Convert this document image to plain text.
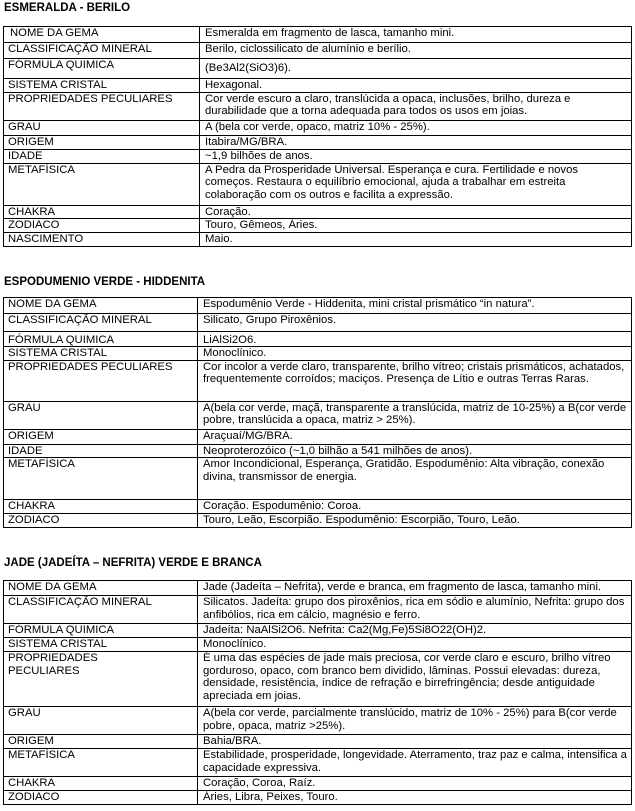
ESMERALDA - BERILO
NOME DA GEMA	Esmeralda em fragmento de lasca, tamanho mini.
CLASSIFICAÇÃO MINERAL	Berilo, ciclossilicato de alumínio e berílio.
FÓRMULA QUIMICA	(Be3Al2(SiO3)6).
SISTEMA CRISTAL	Hexagonal.
PROPRIEDADES PECULIARES	Cor verde escuro a claro, translúcida a opaca, inclusões, brilho, dureza e durabilidade que a torna adequada para todos os usos em joias.
GRAU	A (bela cor verde, opaco, matriz 10% - 25%).
ORIGEM	Itabira/MG/BRA.
IDADE	~1,9 bilhões de anos.
METAFÍSICA	A Pedra da Prosperidade Universal. Esperança e cura. Fertilidade e novos começos. Restaura o equilíbrio emocional, ajuda a trabalhar em estreita colaboração com os outros e facilita a expressão.
CHAKRA	Coração.
ZODIACO	Touro, Gêmeos, Áries.
NASCIMENTO	Maio.
ESPODUMENIO VERDE - HIDDENITA
NOME DA GEMA	Espodumênio Verde - Hiddenita, mini cristal prismático “in natura”.
CLASSIFICAÇÃO MINERAL	Silicato, Grupo Piroxênios.
FÓRMULA QUIMICA	LiAlSi2O6.
SISTEMA CRISTAL	Monoclínico.
PROPRIEDADES PECULIARES	Cor incolor a verde claro, transparente, brilho vítreo; cristais prismáticos, achatados, frequentemente corroídos; maciços. Presença de Lítio e outras Terras Raras.
GRAU	A(bela cor verde, maçã, transparente a translúcida, matriz de 10-25%) a B(cor verde pobre, translúcida a opaca, matriz > 25%).
ORIGEM	Araçuaí/MG/BRA.
IDADE	Neoproterozóico (~1,0 bilhão a 541 milhões de anos).
METAFÍSICA	Amor Incondicional, Esperança, Gratidão. Espodumênio: Alta vibração, conexão divina, transmissor de energia.
CHAKRA	Coração. Espodumênio: Coroa.
ZODIACO	Touro, Leão, Escorpião. Espodumênio: Escorpião, Touro, Leão.
JADE (JADEÍTA – NEFRITA) VERDE E BRANCA
NOME DA GEMA	Jade (Jadeíta – Nefrita), verde e branca, em fragmento de lasca, tamanho mini.
CLASSIFICAÇÃO MINERAL	Silicatos. Jadeíta: grupo dos piroxênios, rica em sódio e alumínio, Nefrita: grupo dos anfibólios, rica em cálcio, magnésio e ferro.
FÓRMULA QUIMICA	Jadeíta: NaAlSi2O6. Nefrita: Ca2(Mg,Fe)5Si8O22(OH)2.
SISTEMA CRISTAL	Monoclínico.
PROPRIEDADES PECULIARES	É uma das espécies de jade mais preciosa, cor verde claro e escuro, brilho vítreo gorduroso, opaco, com branco bem dividido, lâminas. Possui elevadas: dureza, densidade, resistência, índice de refração e birrefringência; desde antiguidade apreciada em joias.
GRAU	A(bela cor verde, parcialmente translúcido, matriz de 10% - 25%) para B(cor verde pobre, opaca, matriz >25%).
ORIGEM	Bahia/BRA.
METAFÍSICA	Estabilidade, prosperidade, longevidade. Aterramento, traz paz e calma, intensifica a capacidade expressiva.
CHAKRA	Coração, Coroa, Raíz.
ZODIACO	Áries, Libra, Peixes, Touro.
